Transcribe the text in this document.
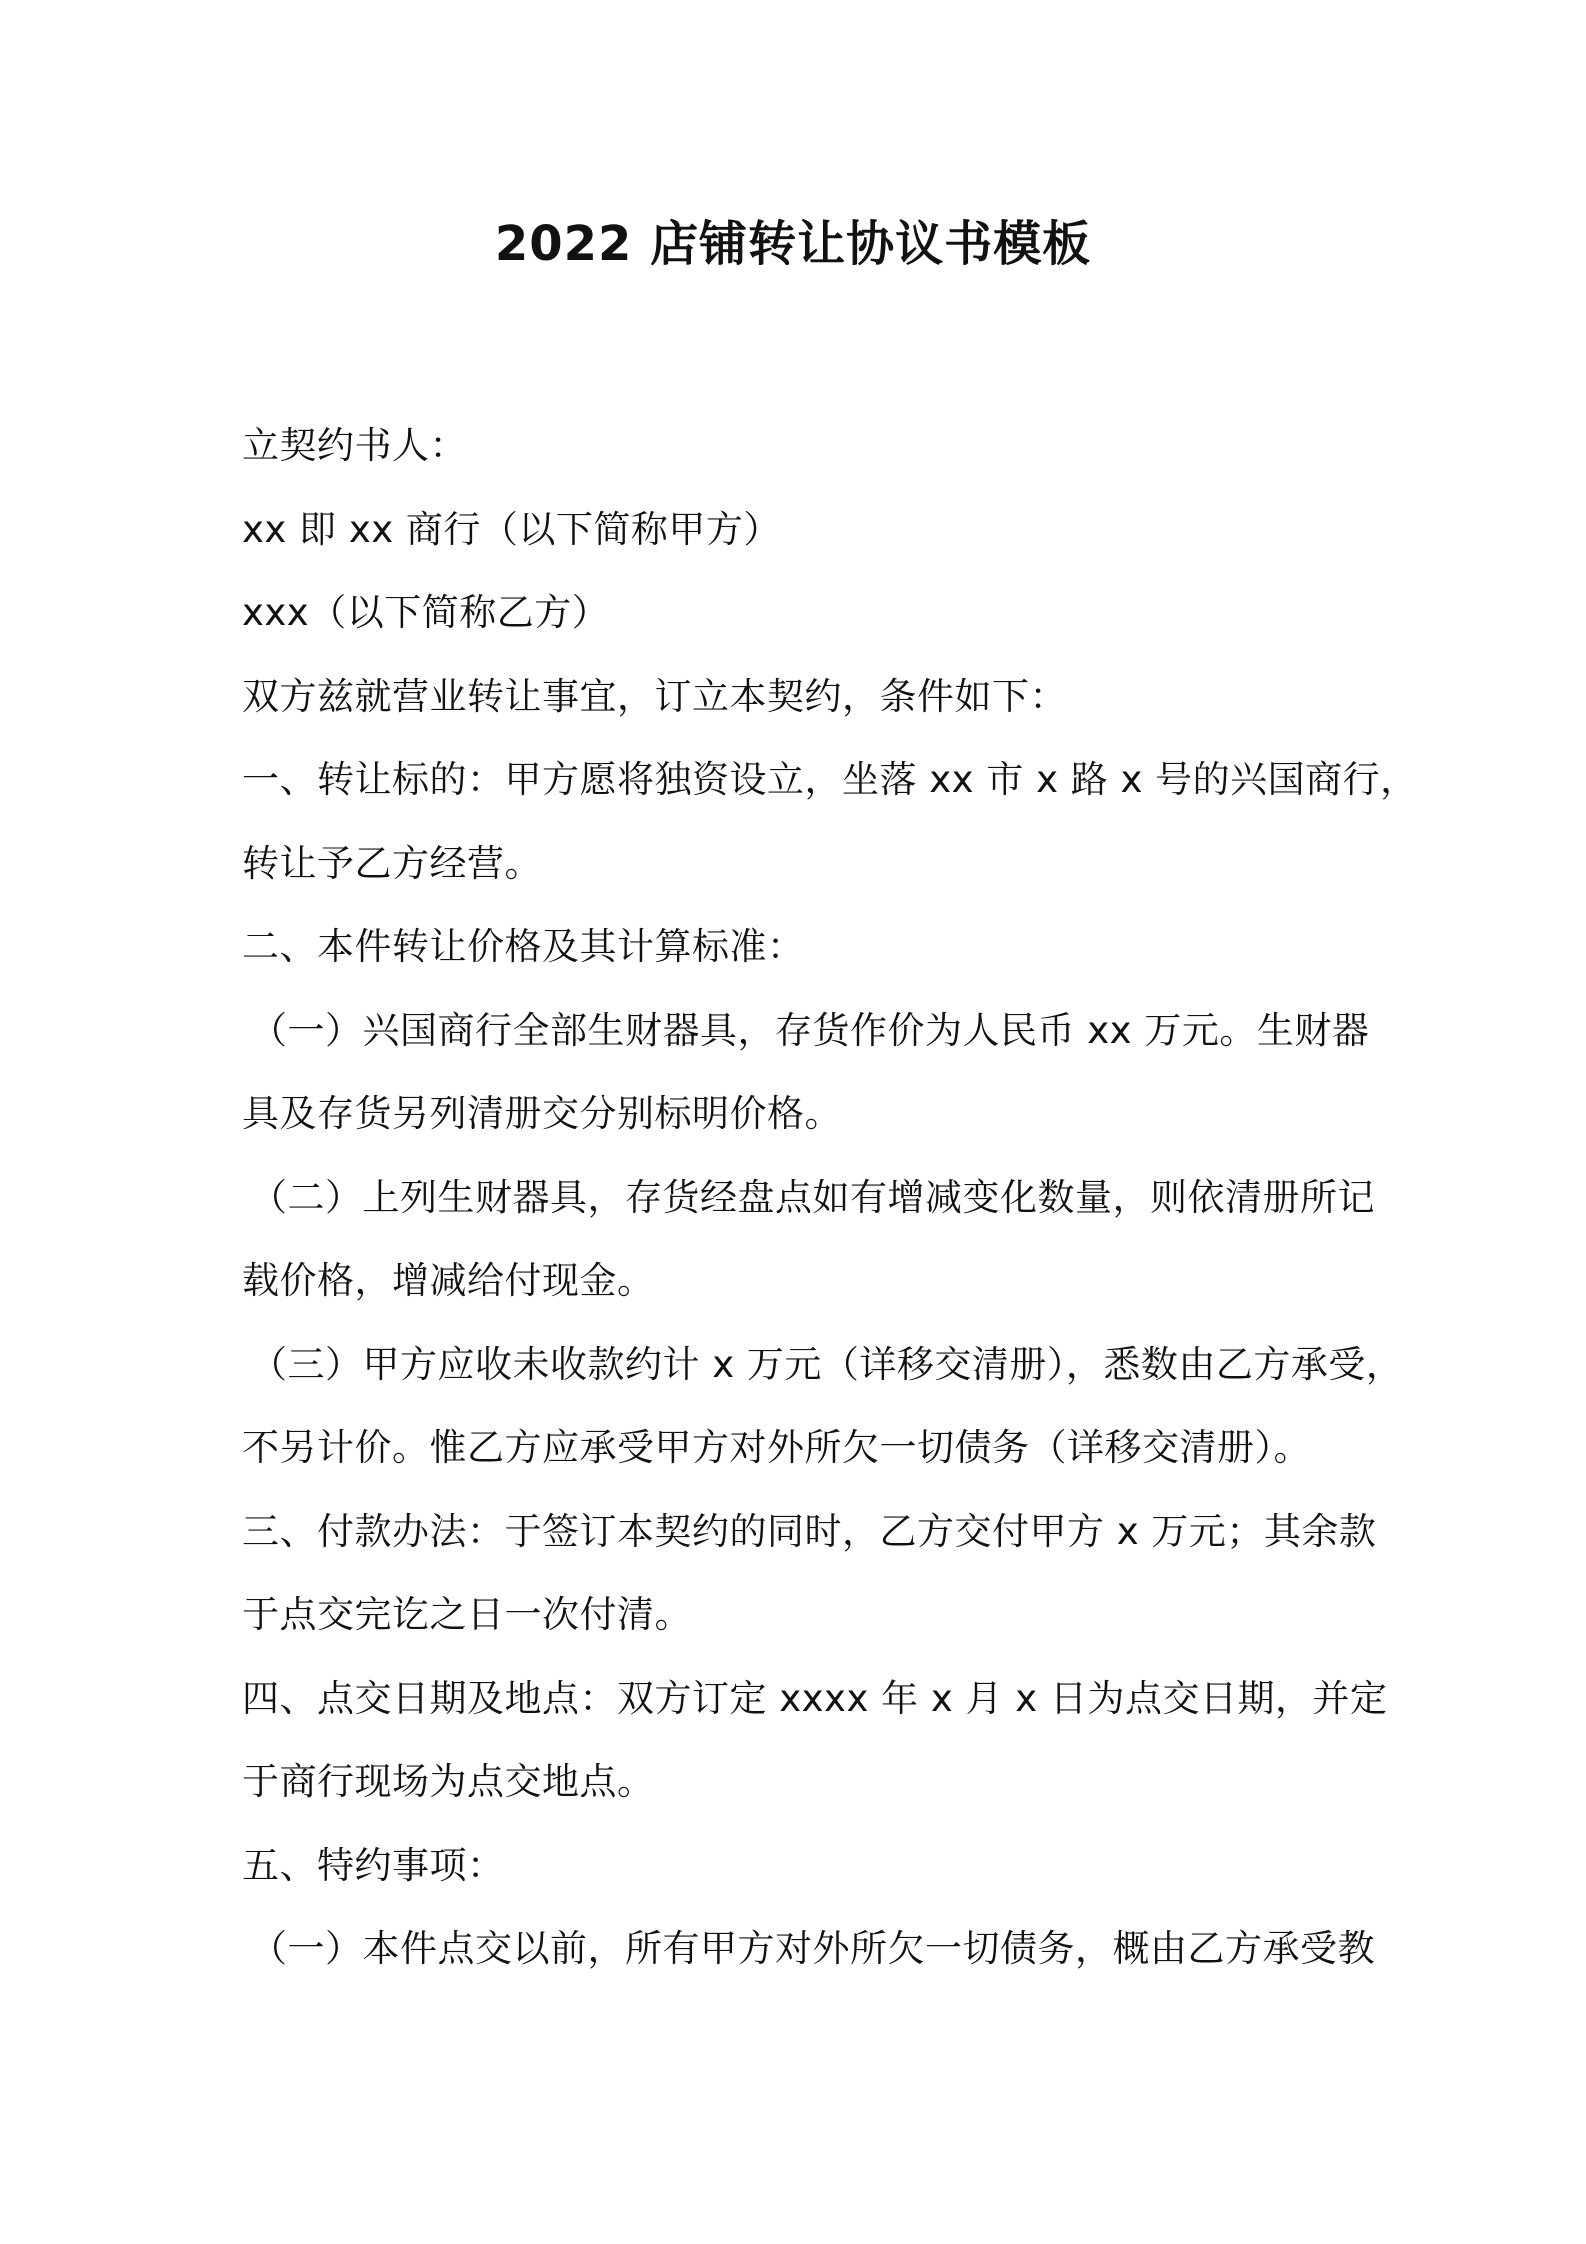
2022 店铺转让协议书模板
立契约书人：
xx 即 xx 商行（以下简称甲方）
xxx（以下简称乙方）
双方兹就营业转让事宜，订立本契约，条件如下：
一、转让标的：甲方愿将独资设立，坐落 xx 市 x 路 x 号的兴国商行，
转让予乙方经营。
二、本件转让价格及其计算标准：
（一）兴国商行全部生财器具，存货作价为人民币 xx 万元。生财器
具及存货另列清册交分别标明价格。
（二）上列生财器具，存货经盘点如有增减变化数量，则依清册所记
载价格，增减给付现金。
（三）甲方应收未收款约计 x 万元（详移交清册），悉数由乙方承受，
不另计价。惟乙方应承受甲方对外所欠一切债务（详移交清册）。
三、付款办法：于签订本契约的同时，乙方交付甲方 x 万元；其余款
于点交完讫之日一次付清。
四、点交日期及地点：双方订定 xxxx 年 x 月 x 日为点交日期，并定
于商行现场为点交地点。
五、特约事项：
（一）本件点交以前，所有甲方对外所欠一切债务，概由乙方承受教
